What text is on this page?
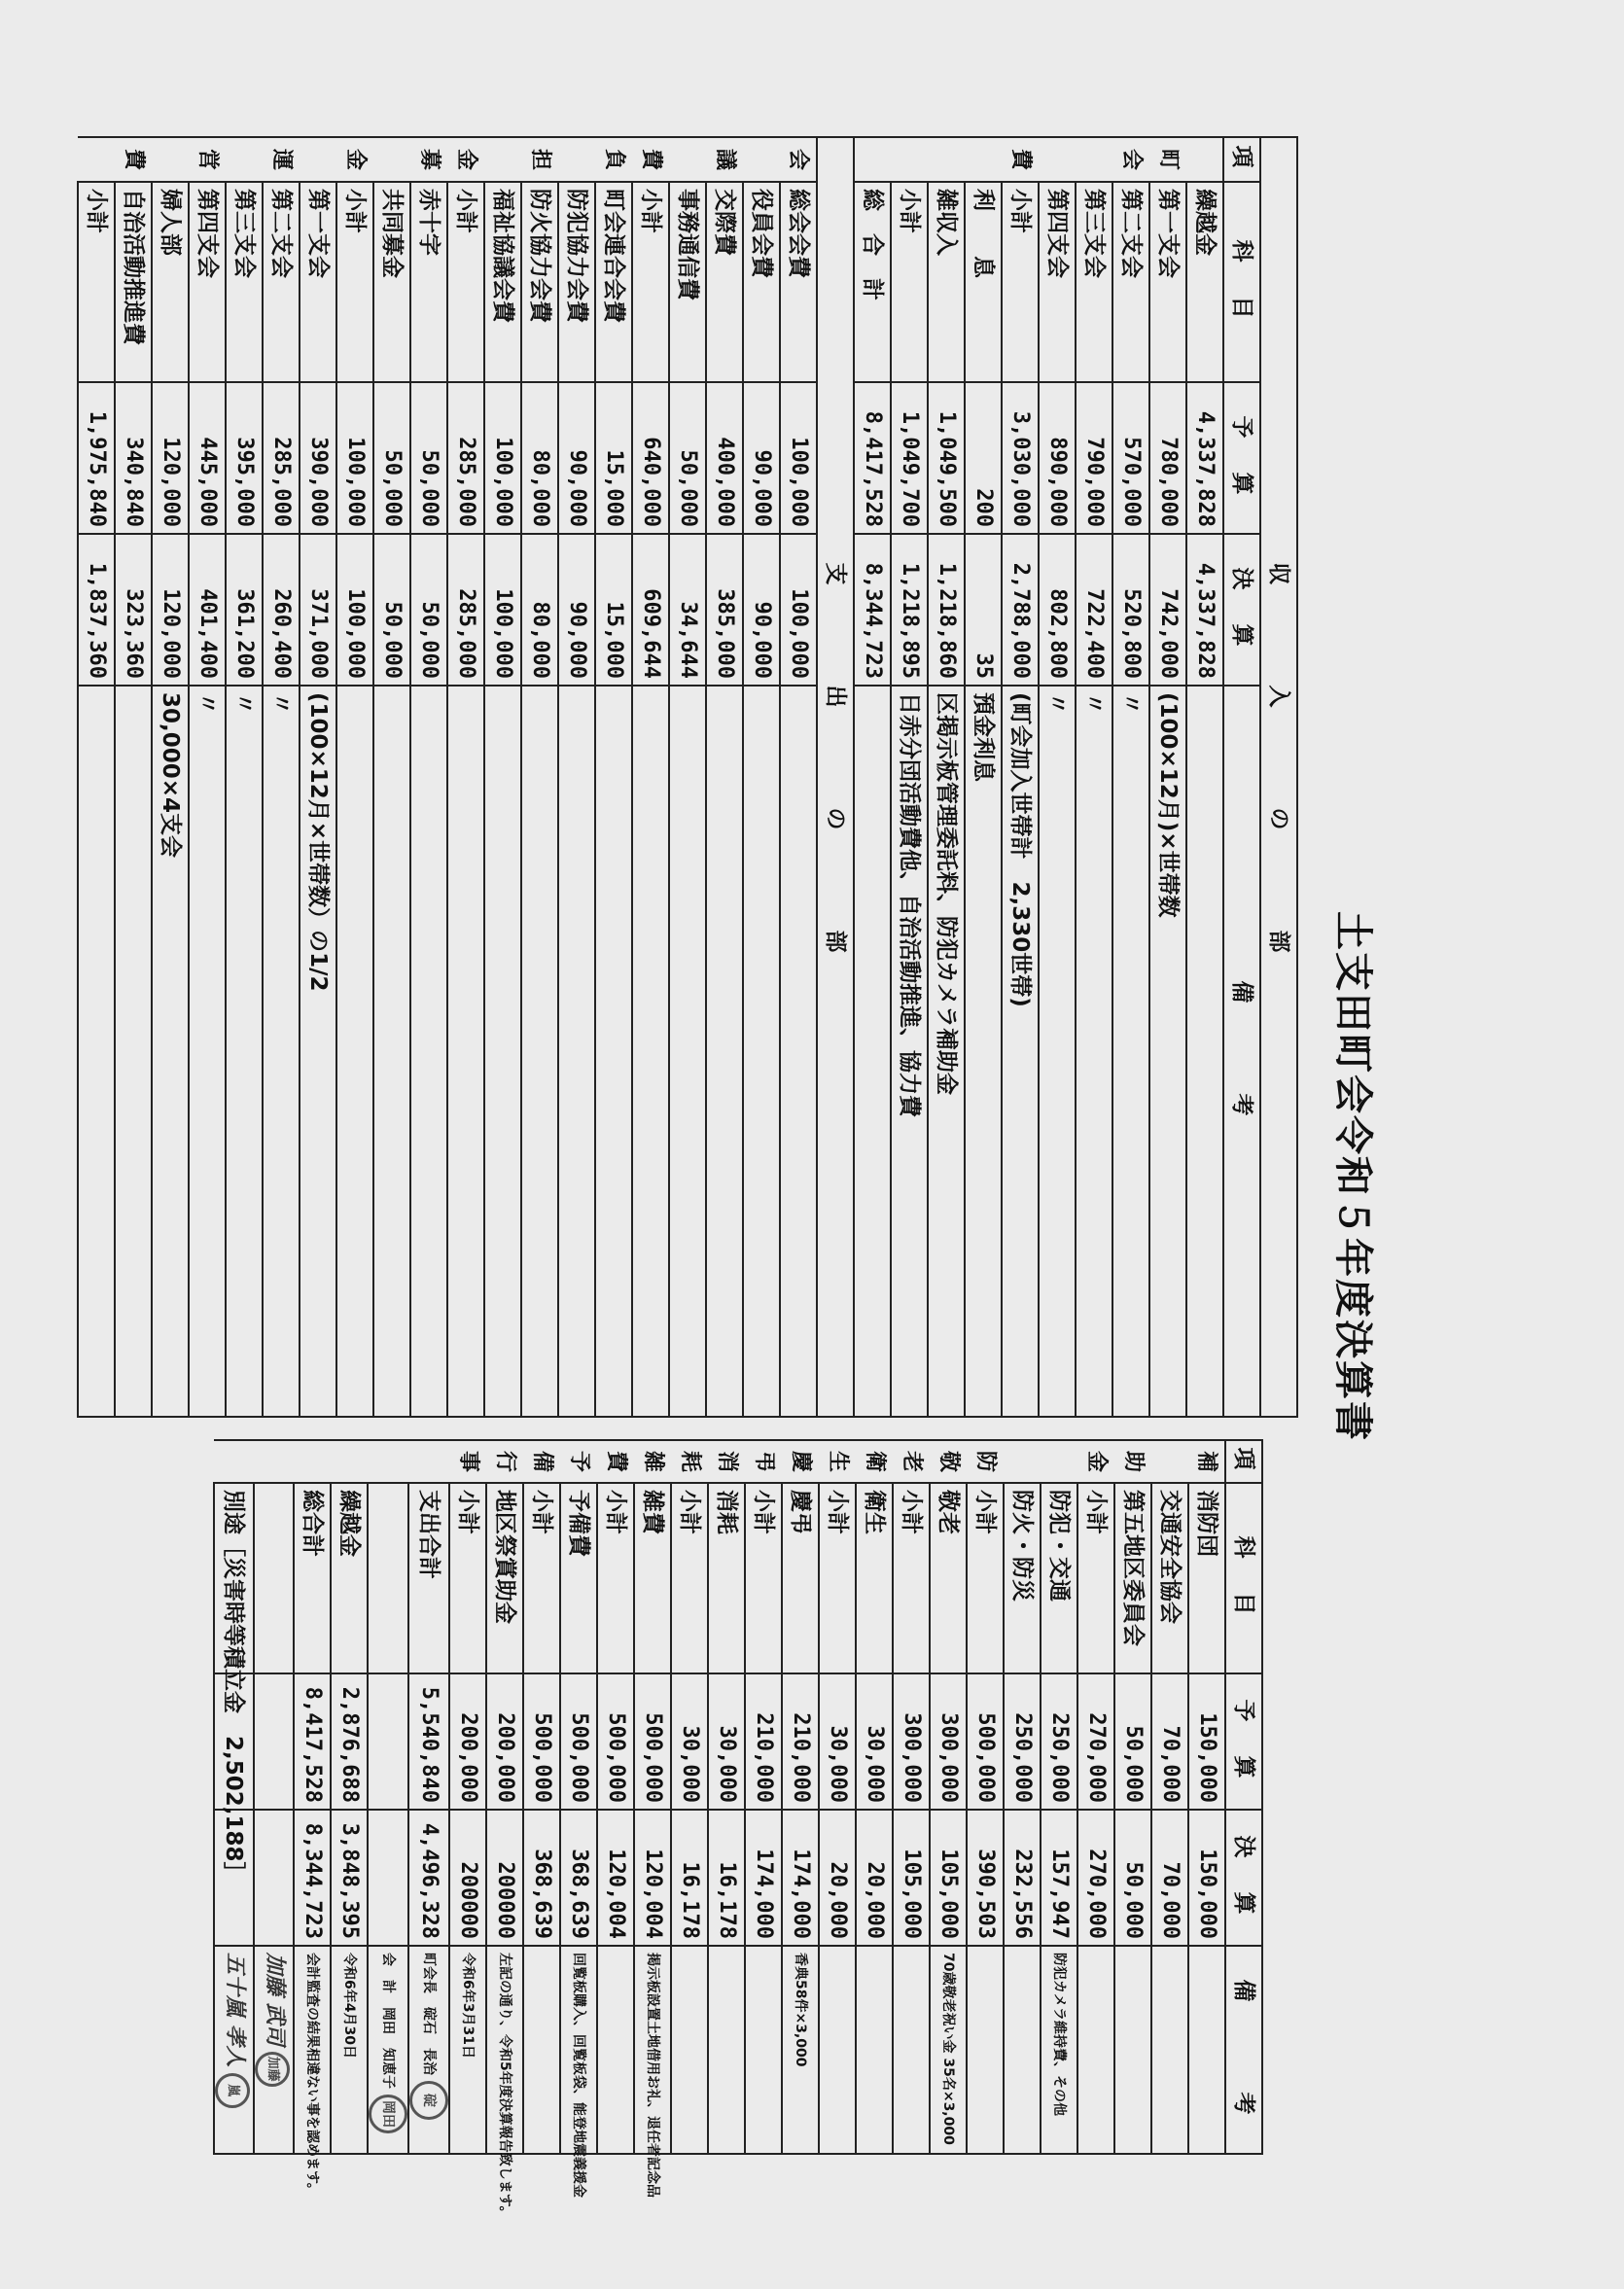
土支田町会令和５年度決算書
収　入　の　部				
項	科　目	予　算	決　算	備　　　考
	繰越金	4,337,828	4,337,828	
町	第一支会	780,000	742,000	(100×12月)×世帯数
会	第二支会	570,000	520,800	〃
	第三支会	790,000	722,400	〃
	第四支会	890,000	802,800	〃
費	小計	3,030,000	2,788,000	(町会加入世帯計　2,330世帯)
	利　　息	200	35	預金利息
	雑収入	1,049,500	1,218,860	区掲示板管理委託料、防犯カメラ補助金
	小計	1,049,700	1,218,895	日赤分団活動費他、自治活動推進、協力費
	総　合　計	8,417,528	8,344,723	
支　出　の　部				
会	総会会費	100,000	100,000	
	役員会費	90,000	90,000	
議	交際費	400,000	385,000	
	事務通信費	50,000	34,644	
費	小計	640,000	609,644	
負	町会連合会費	15,000	15,000	
	防犯協力会費	90,000	90,000	
担	防火協力会費	80,000	80,000	
	福祉協議会費	100,000	100,000	
金	小計	285,000	285,000	
募	赤十字	50,000	50,000	
	共同募金	50,000	50,000	
金	小計	100,000	100,000	
	第一支会	390,000	371,000	(100×12月×世帯数）の1/2
運	第二支会	285,000	260,400	〃
	第三支会	395,000	361,200	〃
営	第四支会	445,000	401,400	〃
	婦人部	120,000	120,000	30,000×4支会
費	自治活動推進費	340,840	323,360	
	小計	1,975,840	1,837,360	

項	科　目	予　算	決　算	備　　　考
補	消防団	150,000	150,000	
	交通安全協会	70,000	70,000	
助	第五地区委員会	50,000	50,000	
金	小計	270,000	270,000	
	防犯・交通	250,000	157,947	防犯カメラ維持費、その他
	防火・防災	250,000	232,556	
防	小計	500,000	390,503	
敬	敬老	300,000	105,000	70歳敬老祝い金 35名×3,000
老	小計	300,000	105,000	
衛	衛生	30,000	20,000	
生	小計	30,000	20,000	
慶	慶弔	210,000	174,000	香典58件×3,000
弔	小計	210,000	174,000	
消	消耗	30,000	16,178	
耗	小計	30,000	16,178	
雑	雑費	500,000	120,004	掲示板設置土地借用お礼、退任者記念品
費	小計	500,000	120,004	
予	予備費	500,000	368,639	回覧板購入、回覧板袋、能登地震義援金
備	小計	500,000	368,639	
行	地区祭賞助金	200,000	200000	左記の通り、令和5年度決算報告致します。
事	小計	200,000	200000	令和6年3月31日
	支出合計	5,540,840	4,496,328	町会長　碇石　長治碇
				会　計　岡田　知恵子岡田
	繰越金	2,876,688	3,848,395	令和6年4月30日
	総合計	8,417,528	8,344,723	会計監査の結果相違ない事を認めます。
				加藤 武司加藤
	別途［災害時等積立金　2,502,188］			五十嵐 孝人嵐
